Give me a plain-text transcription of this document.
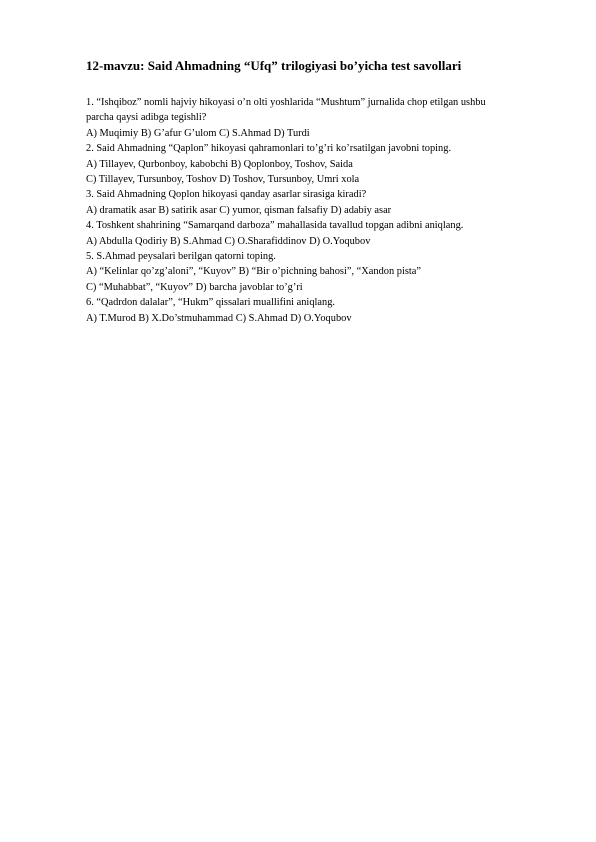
12-mavzu: Said Ahmadning “Ufq” trilogiyasi bo’yicha test savollari
1. “Ishqiboz” nomli hajviy hikoyasi o’n olti yoshlarida “Mushtum” jurnalida chop etilgan ushbu
parcha qaysi adibga tegishli?
A) Muqimiy B) G’afur G’ulom C) S.Ahmad D) Turdi
2. Said Ahmadning “Qaplon” hikoyasi qahramonlari to’g’ri ko’rsatilgan javobni toping.
A) Tillayev, Qurbonboy, kabobchi B) Qoplonboy, Toshov, Saida
C) Tillayev, Tursunboy, Toshov D) Toshov, Tursunboy, Umri xola
3. Said Ahmadning Qoplon hikoyasi qanday asarlar sirasiga kiradi?
A) dramatik asar B) satirik asar C) yumor, qisman falsafiy D) adabiy asar
4. Toshkent shahrining “Samarqand darboza” mahallasida tavallud topgan adibni aniqlang.
A) Abdulla Qodiriy B) S.Ahmad C) O.Sharafiddinov D) O.Yoqubov
5. S.Ahmad peysalari berilgan qatorni toping.
A) “Kelinlar qo’zg’aloni”, “Kuyov” B) “Bir o’pichning bahosi”, “Xandon pista”
C) “Muhabbat”, “Kuyov” D) barcha javoblar to’g’ri
6. “Qadrdon dalalar”, “Hukm” qissalari muallifini aniqlang.
A) T.Murod B) X.Do’stmuhammad C) S.Ahmad D) O.Yoqubov
